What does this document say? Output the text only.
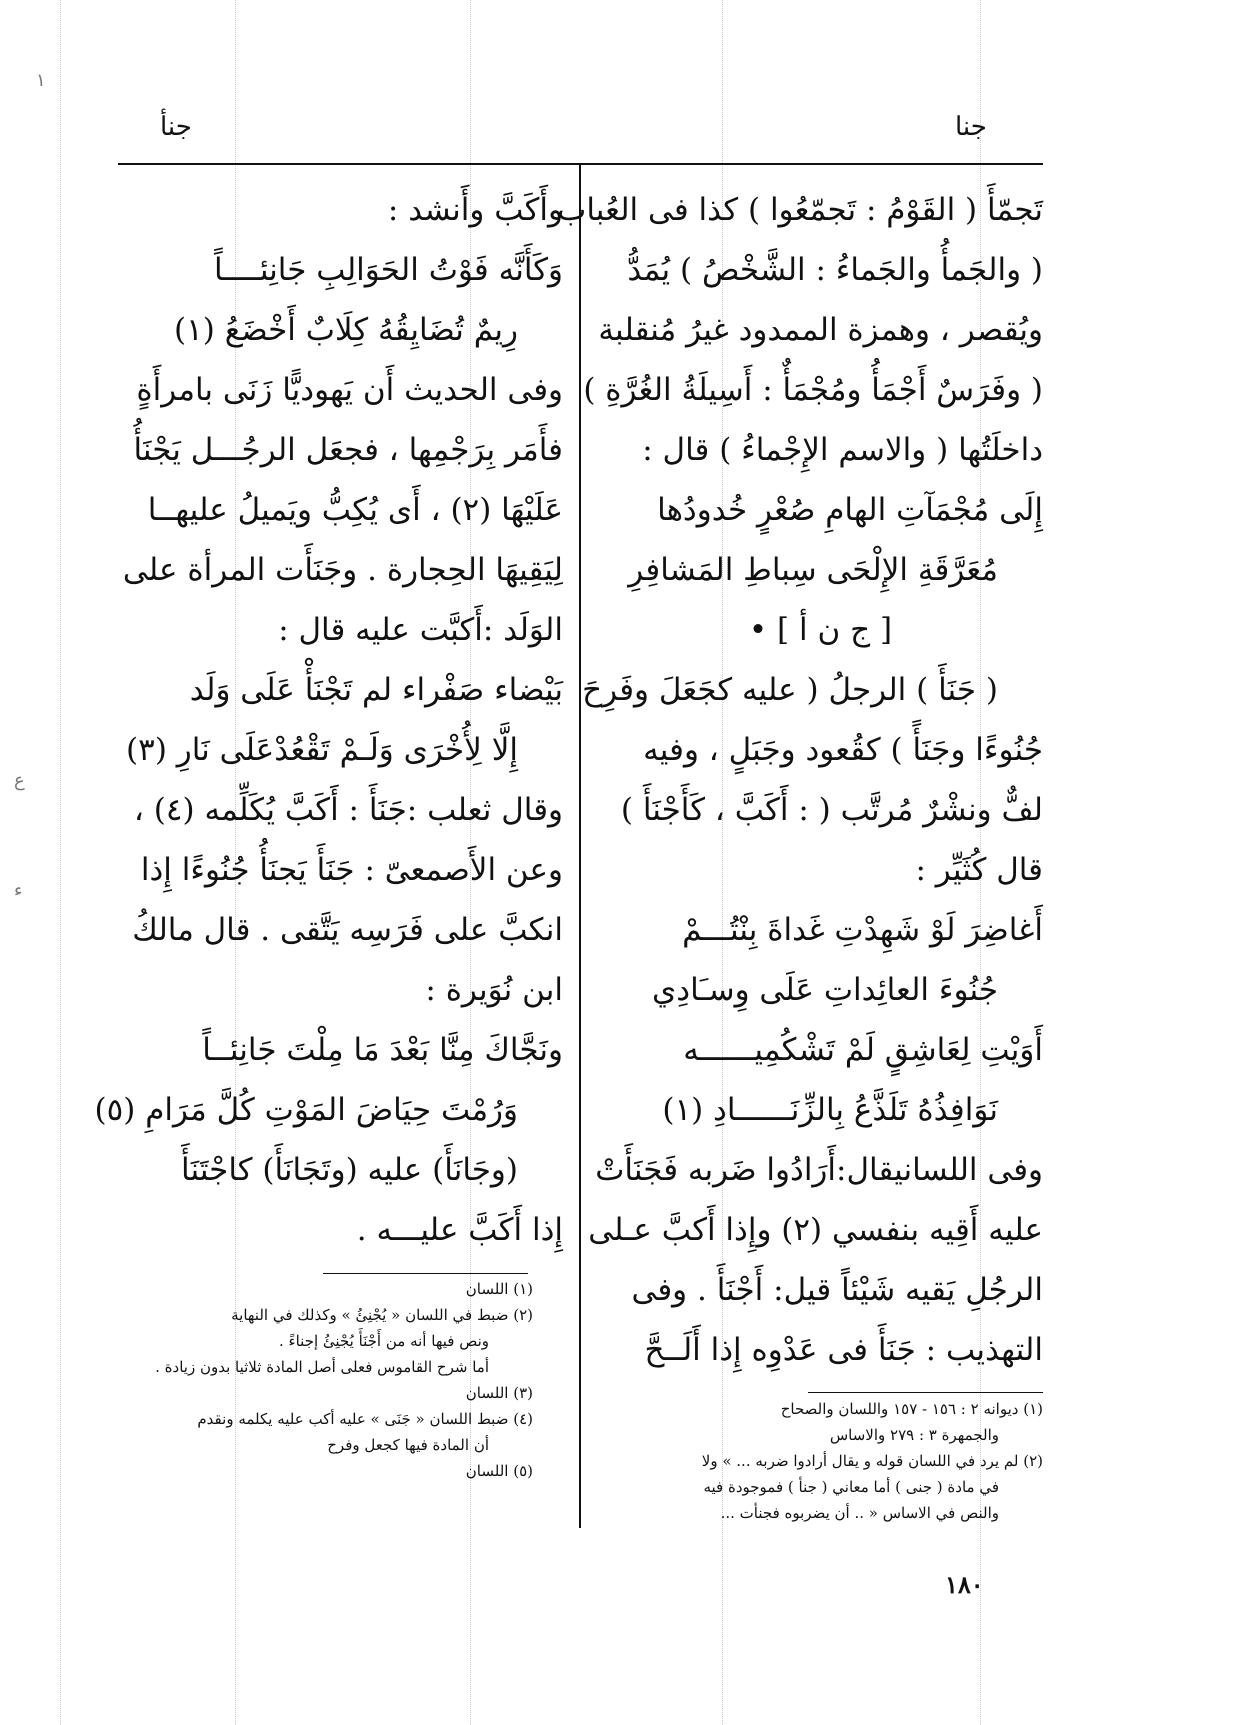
١
ع
ء
جنا
جنأ
تَجمّأَ ( القَوْمُ : تَجمّعُوا ) كذا فى العُباب
( والجَمأُ والجَماءُ : الشَّخْصُ ) يُمَدُّ
ويُقصر ، وهمزة الممدود غيرُ مُنقلبة
( وفَرَسٌ أَجْمَأُ ومُجْمَأٌ : أَسِيلَةُ الغُرَّةِ )
داخلَتُها ( والاسم الإِجْماءُ ) قال :
إِلَى مُجْمَآتِ الهامِ صُعْرٍ خُدودُها
مُعَرَّقَةِ الإِلْحَى سِباطِ المَشافِرِ
[ ج ن أ ] •
( جَنَأَ ) الرجلُ ( عليه كجَعَلَ وفَرِحَ
جُنُوءًا وجَنَأً ) كقُعود وجَبَلٍ ، وفيه
لفٌّ ونشْرٌ مُرتَّب ( : أَكَبَّ ، كَأَجْنَأَ )
قال كُثَيِّر :
أَغاضِرَ لَوْ شَهِدْتِ غَداةَ بِنْتُـــمْ
جُنُوءَ العائِداتِ عَلَى وِسـَادِي
أَوَيْتِ لِعَاشِقٍ لَمْ تَشْكُمِيــــــه
نَوَافِذُهُ تَلَذَّعُ بِالزِّنَــــــادِ (١)
وفى اللسانيقال:أَرَادُوا ضَربه فَجَنَأَتْ
عليه أَقِيه بنفسي (٢) وإِذا أَكبَّ عـلى
الرجُلِ يَقيه شَيْئاً قيل: أَجْنَأَ . وفى
التهذيب : جَنَأَ فى عَدْوِه إِذا أَلَــحَّ
(١) ديوانه ٢ : ١٥٦ - ١٥٧ واللسان والصحاح
والجمهرة ٣ : ٢٧٩ والاساس
(٢) لم يرد في اللسان قوله و يقال أرادوا ضربه ... » ولا
في مادة ( جنى ) أما معاني ( جنأ ) فموجودة فيه
والنص في الاساس « .. أن يضربوه فجنأت ...
وأَكَبَّ وأَنشد :
وَكَأَنَّه فَوْتُ الحَوَالِبِ جَانِئــــاً
رِيمٌ تُضَايِقُهُ كِلَابٌ أَخْضَعُ (١)
وفى الحديث أَن يَهوديًّا زَنَى بامرأَةٍ
فأَمَر بِرَجْمِها ، فجعَل الرجُـــل يَجْنَأُ
عَلَيْهَا (٢) ، أَى يُكِبُّ ويَميلُ عليهــا
لِيَقِيهَا الحِجارة . وجَنَأَت المرأة على
الوَلَد :أَكبَّت عليه قال :
بَيْضاء صَفْراء لم تَجْنَأْ عَلَى وَلَد
إِلَّا لِأُخْرَى وَلَـمْ تَقْعُدْعَلَى نَارِ (٣)
وقال ثعلب :جَنَأَ : أَكَبَّ يُكَلِّمه (٤) ،
وعن الأَصمعىّ : جَنَأَ يَجنَأُ جُنُوءًا إِذا
انكبَّ على فَرَسِه يَتَّقى . قال مالكُ
ابن نُوَيرة :
ونَجَّاكَ مِنَّا بَعْدَ مَا مِلْتَ جَانِئــاً
وَرُمْتَ حِيَاضَ المَوْتِ كُلَّ مَرَامِ (٥)
(وجَانَأَ) عليه (وتَجَانَأَ) كاجْتَنَأَ
إِذا أَكَبَّ عليـــه .
(١) اللسان
(٢) ضبط في اللسان « يُجْنِئُ » وكذلك في النهاية
ونص فيها أنه من أَجْنَأَ يُجْنِئُ إجناءً .
أما شرح القاموس فعلى أصل المادة ثلاثيا بدون زيادة .
(٣) اللسان
(٤) ضبط اللسان « جَنَى » عليه أكب عليه يكلمه ونقدم
أن المادة فيها كجعل وفرح
(٥) اللسان
١٨٠
